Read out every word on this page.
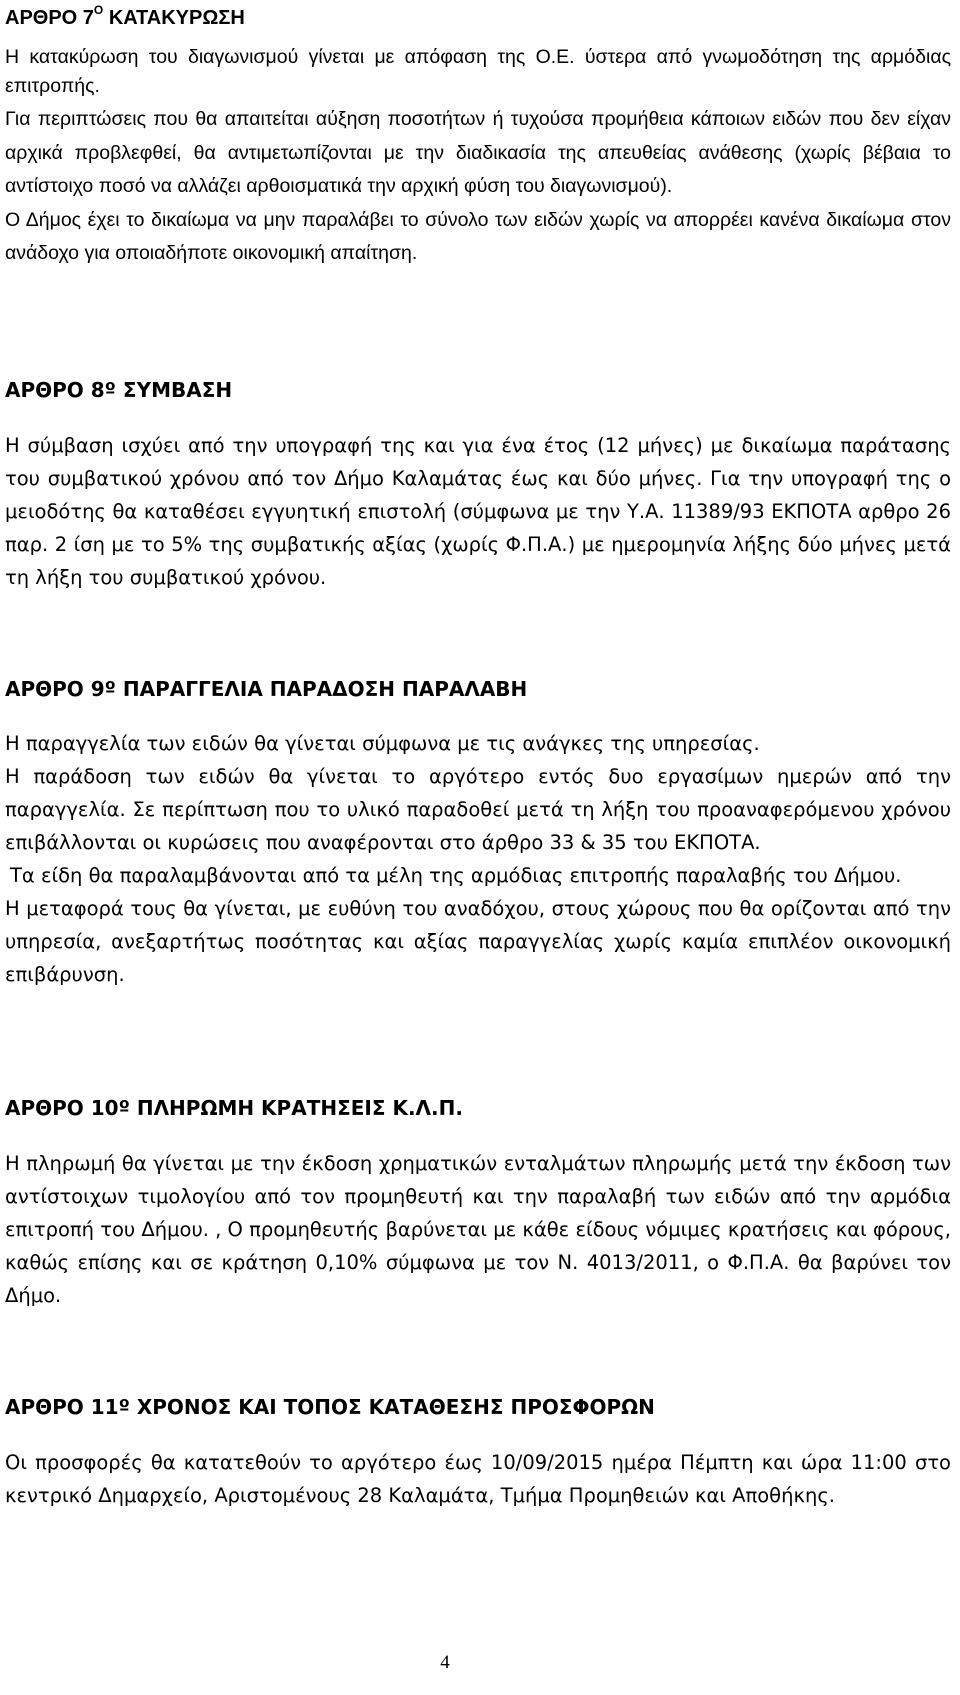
ΑΡΘΡΟ $7^O$ ΚΑΤΑΚΥΡΩΣΗ

Η κατακύρωση του διαγωνισμού γίνεται με απόφαση της Ο.Ε. ύστερα από γνωμοδότηση της αρμόδιας επιτροπής.

Για περιπτώσεις που θα απαιτείται αύξηση ποσοτήτων ή τυχούσα προμήθεια κάποιων ειδών που δεν είχαν αρχικά προβλεφθεί, θα αντιμετωπίζονται με την διαδικασία της απευθείας ανάθεσης (χωρίς βέβαια το αντίστοιχο ποσό να αλλάζει αρθοισματικά την αρχική φύση του διαγωνισμού).

Ο Δήμος έχει το δικαίωμα να μην παραλάβει το σύνολο των ειδών χωρίς να απορρέει κανένα δικαίωμα στον ανάδοχο για οποιαδήποτε οικονομική απαίτηση.

ΑΡΘΡΟ 8º ΣΥΜΒΑΣΗ

Η σύμβαση ισχύει από την υπογραφή της και για ένα έτος (12 μήνες) με δικαίωμα παράτασης του συμβατικού χρόνου από τον Δήμο Καλαμάτας έως και δύο μήνες. Για την υπογραφή της ο μειοδότης θα καταθέσει εγγυητική επιστολή (σύμφωνα με την Υ.Α. 11389/93 ΕΚΠΟΤΑ αρθρο 26 παρ. 2 ίση με το 5% της συμβατικής αξίας (χωρίς Φ.Π.Α.) με ημερομηνία λήξης δύο μήνες μετά τη λήξη του συμβατικού χρόνου.

ΑΡΘΡΟ 9º ΠΑΡΑΓΓΕΛΙΑ ΠΑΡΑΔΟΣΗ ΠΑΡΑΛΑΒΗ

Η παραγγελία των ειδών θα γίνεται σύμφωνα με τις ανάγκες της υπηρεσίας.

Η παράδοση των ειδών θα γίνεται το αργότερο εντός δυο εργασίμων ημερών από την παραγγελία. Σε περίπτωση που το υλικό παραδοθεί μετά τη λήξη του προαναφερόμενου χρόνου επιβάλλονται οι κυρώσεις που αναφέρονται στο άρθρο 33 & 35 του ΕΚΠΟΤΑ.

Τα είδη θα παραλαμβάνονται από τα μέλη της αρμόδιας επιτροπής παραλαβής του Δήμου.

Η μεταφορά τους θα γίνεται, με ευθύνη του αναδόχου, στους χώρους που θα ορίζονται από την υπηρεσία, ανεξαρτήτως ποσότητας και αξίας παραγγελίας χωρίς καμία επιπλέον οικονομική επιβάρυνση.

ΑΡΘΡΟ 10º ΠΛΗΡΩΜΗ ΚΡΑΤΗΣΕΙΣ Κ.Λ.Π.

Η πληρωμή θα γίνεται με την έκδοση χρηματικών ενταλμάτων πληρωμής μετά την έκδοση των αντίστοιχων τιμολογίου από τον προμηθευτή και την παραλαβή των ειδών από την αρμόδια επιτροπή του Δήμου. , Ο προμηθευτής βαρύνεται με κάθε είδους νόμιμες κρατήσεις και φόρους, καθώς επίσης και σε κράτηση 0,10% σύμφωνα με τον Ν. 4013/2011, ο Φ.Π.Α. θα βαρύνει τον Δήμο.

ΑΡΘΡΟ 11º ΧΡΟΝΟΣ ΚΑΙ ΤΟΠΟΣ ΚΑΤΑΘΕΣΗΣ ΠΡΟΣΦΟΡΩΝ

Οι προσφορές θα κατατεθούν το αργότερο έως 10/09/2015 ημέρα Πέμπτη και ώρα 11:00 στο κεντρικό Δημαρχείο, Αριστομένους 28 Καλαμάτα, Τμήμα Προμηθειών και Αποθήκης.

4
